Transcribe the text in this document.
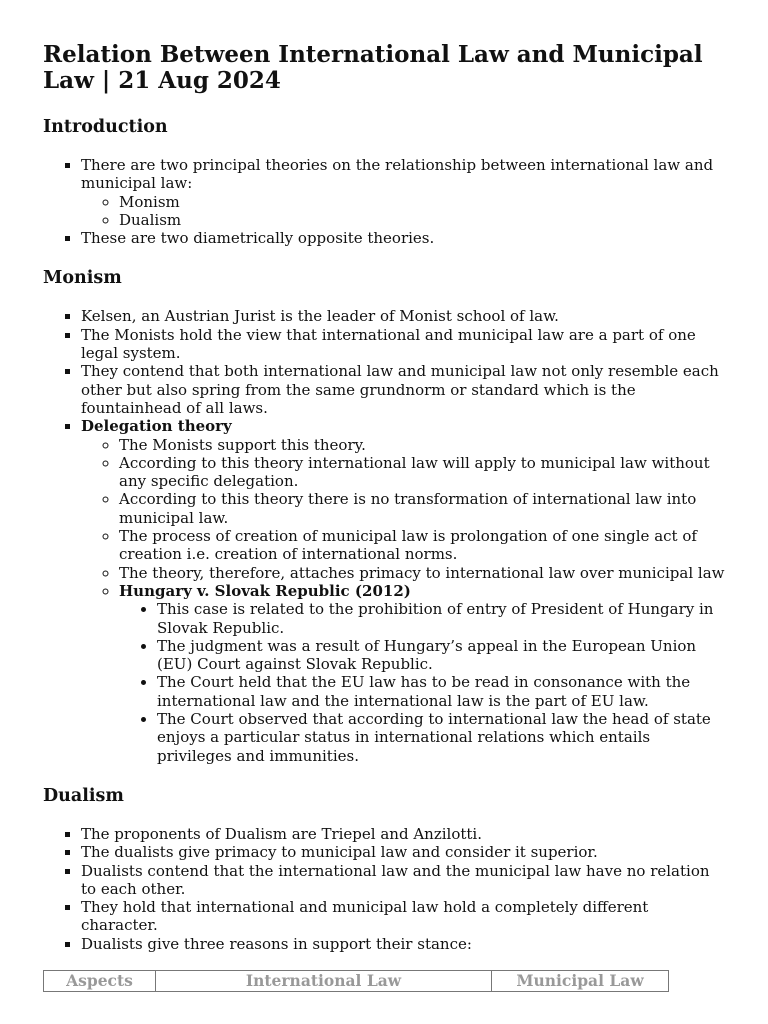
Relation Between International Law and Municipal Law | 21 Aug 2024
Introduction
▪ There are two principal theories on the relationship between international law and municipal law:
◦ Monism
◦ Dualism
▪ These are two diametrically opposite theories.
Monism
▪ Kelsen, an Austrian Jurist is the leader of Monist school of law.
▪ The Monists hold the view that international and municipal law are a part of one legal system.
▪ They contend that both international law and municipal law not only resemble each other but also spring from the same grundnorm or standard which is the fountainhead of all laws.
▪ Delegation theory
◦ The Monists support this theory.
◦ According to this theory international law will apply to municipal law without any specific delegation.
◦ According to this theory there is no transformation of international law into municipal law.
◦ The process of creation of municipal law is prolongation of one single act of creation i.e. creation of international norms.
◦ The theory, therefore, attaches primacy to international law over municipal law
◦ Hungary v. Slovak Republic (2012)
• This case is related to the prohibition of entry of President of Hungary in Slovak Republic.
• The judgment was a result of Hungary’s appeal in the European Union (EU) Court against Slovak Republic.
• The Court held that the EU law has to be read in consonance with the international law and the international law is the part of EU law.
• The Court observed that according to international law the head of state enjoys a particular status in international relations which entails privileges and immunities.
Dualism
▪ The proponents of Dualism are Triepel and Anzilotti.
▪ The dualists give primacy to municipal law and consider it superior.
▪ Dualists contend that the international law and the municipal law have no relation to each other.
▪ They hold that international and municipal law hold a completely different character.
▪ Dualists give three reasons in support their stance:
Aspects	International Law	Municipal Law
